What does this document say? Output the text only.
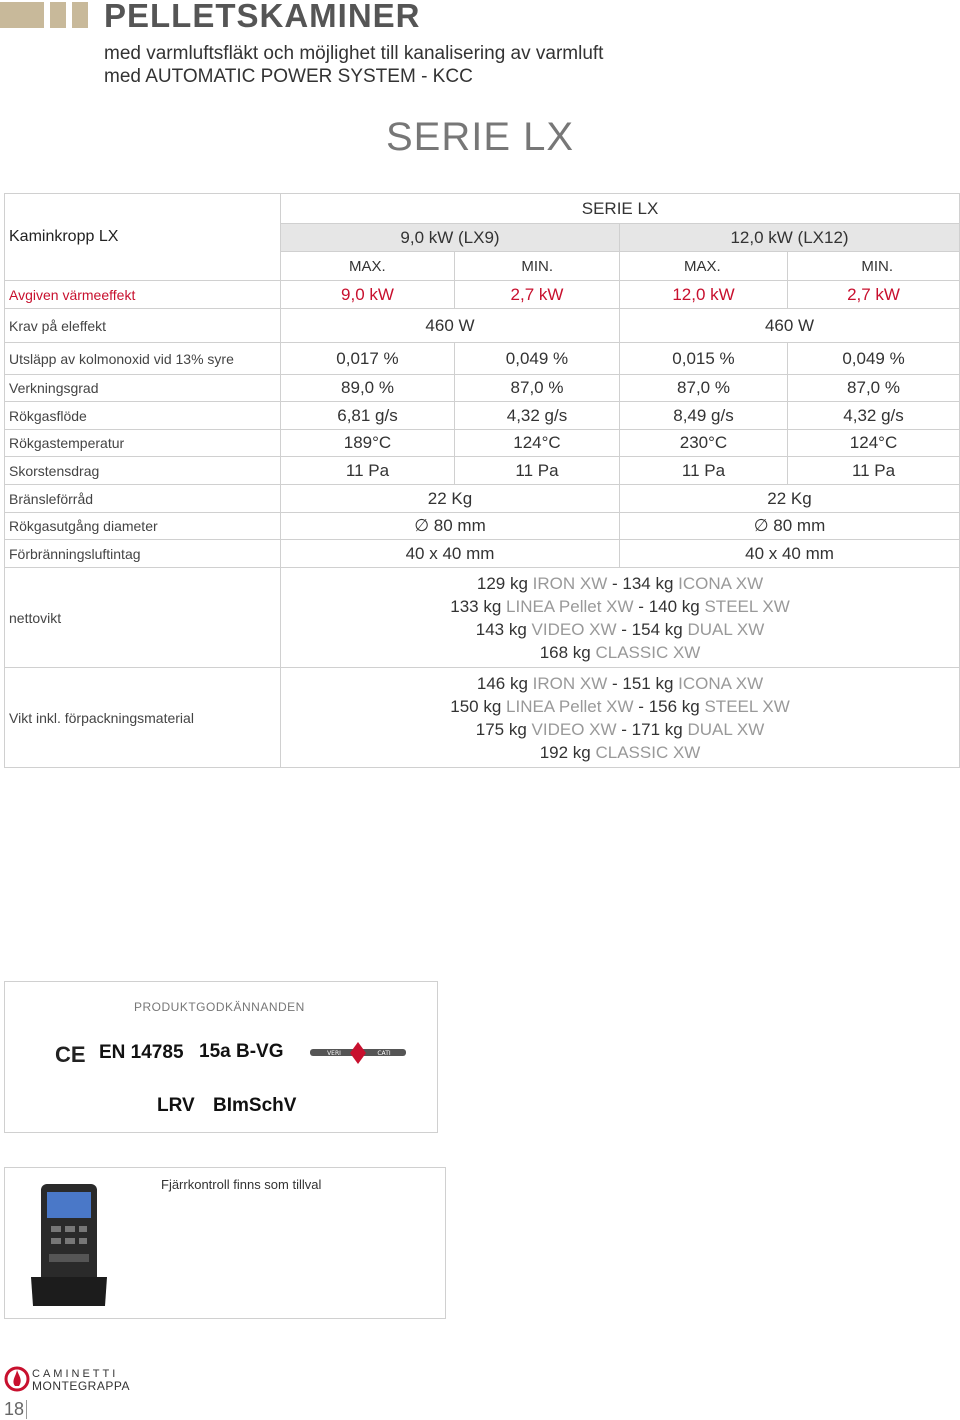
PELLETSKAMINER
med varmluftsfläkt och möjlighet till kanalisering av varmluft
med AUTOMATIC POWER SYSTEM - KCC
SERIE LX
Kaminkropp LX	SERIE LX			
	9,0 kW (LX9)		12,0 kW (LX12)	
	MAX.	MIN.	MAX.	MIN.
Avgiven värmeeffekt	9,0 kW	2,7 kW	12,0 kW	2,7 kW
Krav på eleffekt	460 W		460 W	
Utsläpp av kolmonoxid vid 13% syre	0,017 %	0,049 %	0,015 %	0,049 %
Verkningsgrad	89,0 %	87,0 %	87,0 %	87,0 %
Rökgasflöde	6,81 g/s	4,32 g/s	8,49 g/s	4,32 g/s
Rökgastemperatur	189°C	124°C	230°C	124°C
Skorstensdrag	11 Pa	11 Pa	11 Pa	11 Pa
Bränsleförråd	22 Kg		22 Kg	
Rökgasutgång diameter	∅ 80 mm		∅ 80 mm	
Förbränningsluftintag	40 x 40 mm		40 x 40 mm	
nettovikt	129 kg IRON XW - 134 kg ICONA XW
133 kg LINEA Pellet XW - 140 kg STEEL XW
143 kg VIDEO XW - 154 kg DUAL XW
168 kg CLASSIC XW			

Vikt inkl. förpackningsmaterial	146 kg IRON XW - 151 kg ICONA XW
150 kg LINEA Pellet XW - 156 kg STEEL XW
175 kg VIDEO XW - 171 kg DUAL XW
192 kg CLASSIC XW			
PRODUKTGODKÄNNANDEN
CE EN 14785 15a B-VG	VERI	CATI
LRV BImSchV
Fjärrkontroll finns som tillval
CAMINETTI
MONTEGRAPPA
18
